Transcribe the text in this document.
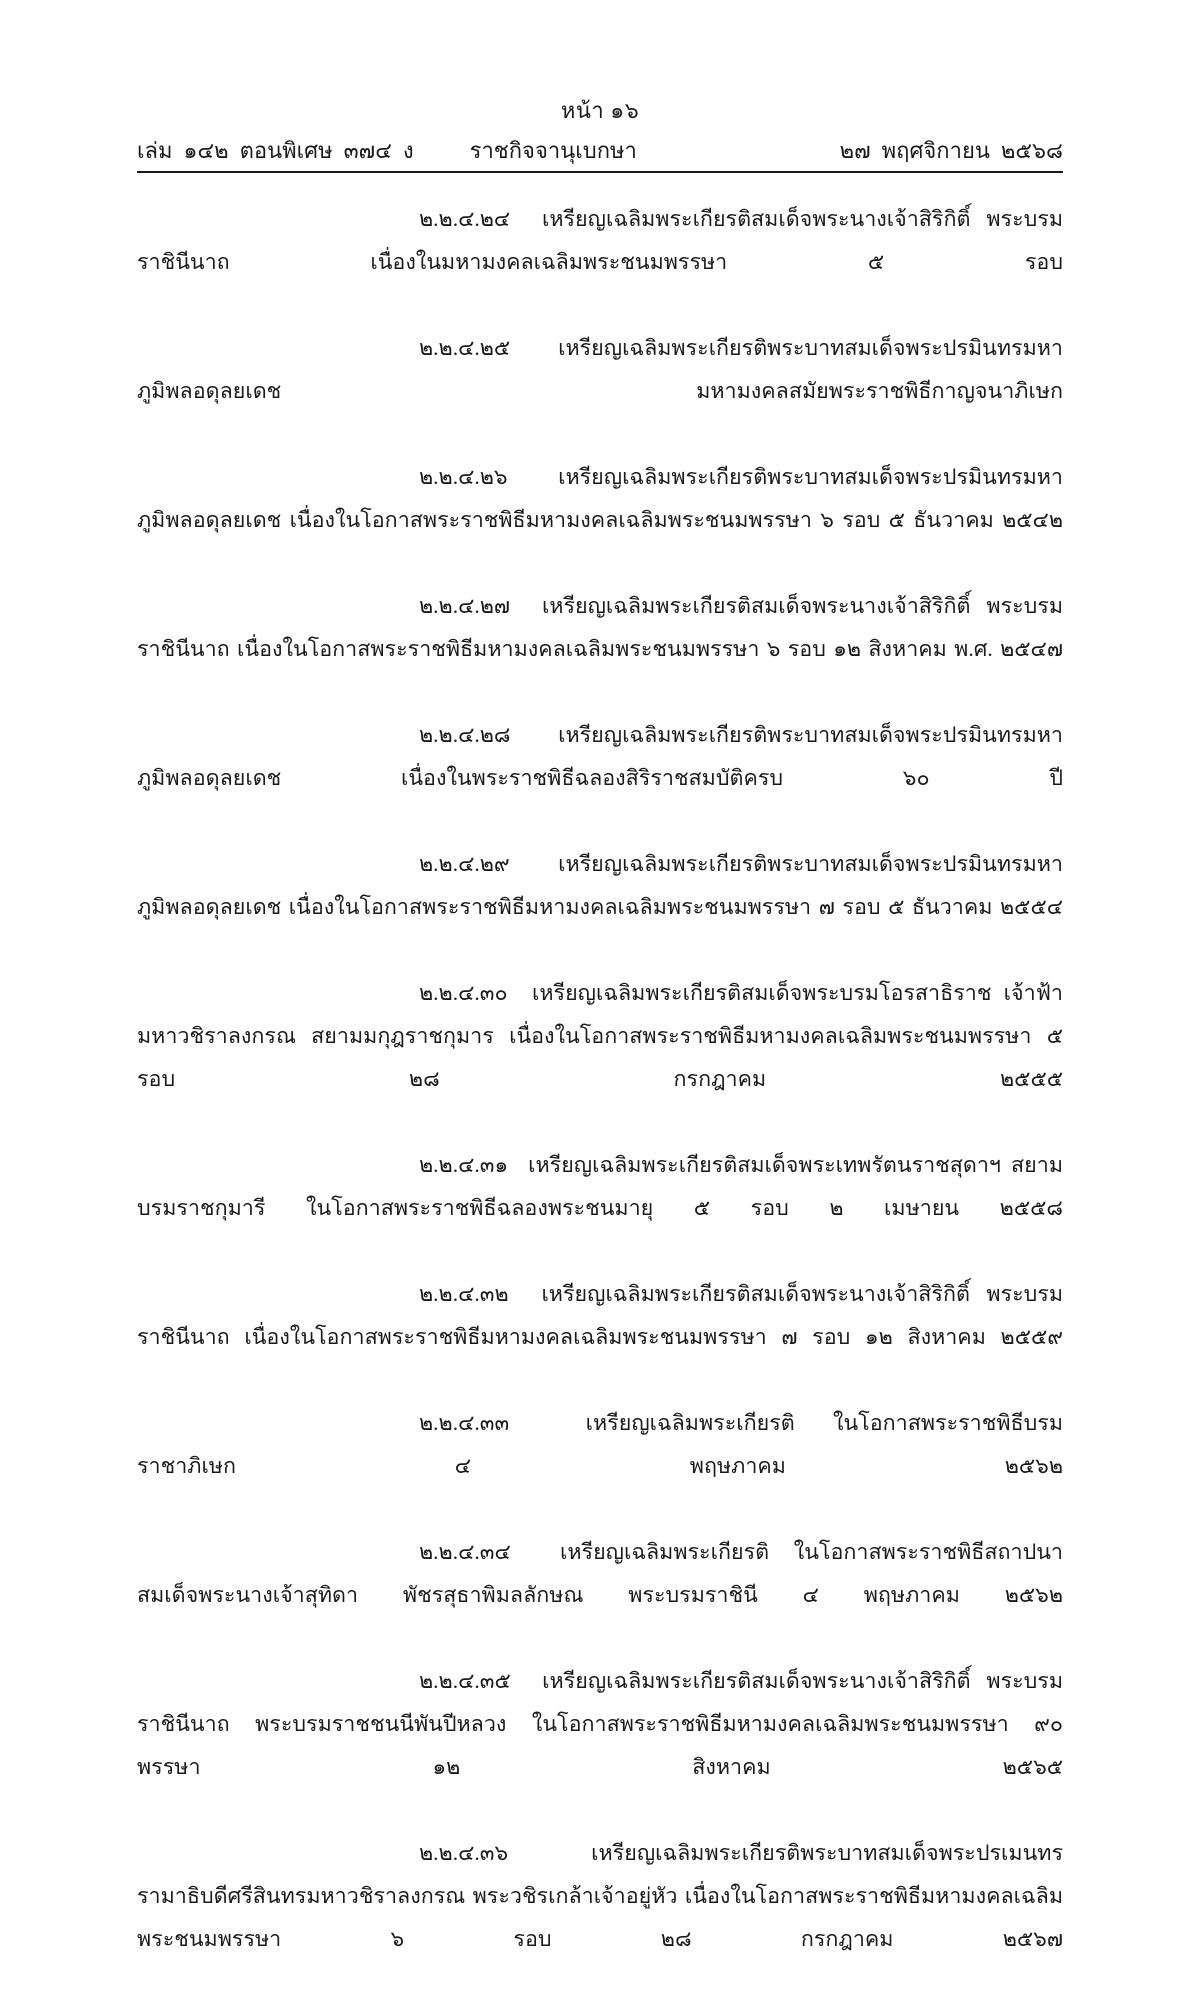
หน้า ๑๖
เล่ม  ๑๔๒  ตอนพิเศษ  ๓๗๔  ง	ราชกิจจานุเบกษา	๒๗  พฤศจิกายน  ๒๕๖๘

๒.๒.๔.๒๔  เหรียญเฉลิมพระเกียรติสมเด็จพระนางเจ้าสิริกิติ์ พระบรมราชินีนาถ เนื่องในมหามงคลเฉลิมพระชนมพรรษา ๕ รอบ

๒.๒.๔.๒๕  เหรียญเฉลิมพระเกียรติพระบาทสมเด็จพระปรมินทรมหาภูมิพลอดุลยเดช มหามงคลสมัยพระราชพิธีกาญจนาภิเษก

๒.๒.๔.๒๖  เหรียญเฉลิมพระเกียรติพระบาทสมเด็จพระปรมินทรมหาภูมิพลอดุลยเดช เนื่องในโอกาสพระราชพิธีมหามงคลเฉลิมพระชนมพรรษา ๖ รอบ ๕ ธันวาคม ๒๕๔๒

๒.๒.๔.๒๗  เหรียญเฉลิมพระเกียรติสมเด็จพระนางเจ้าสิริกิติ์ พระบรมราชินีนาถ เนื่องในโอกาสพระราชพิธีมหามงคลเฉลิมพระชนมพรรษา ๖ รอบ ๑๒ สิงหาคม พ.ศ. ๒๕๔๗

๒.๒.๔.๒๘  เหรียญเฉลิมพระเกียรติพระบาทสมเด็จพระปรมินทรมหาภูมิพลอดุลยเดช เนื่องในพระราชพิธีฉลองสิริราชสมบัติครบ ๖๐ ปี

๒.๒.๔.๒๙  เหรียญเฉลิมพระเกียรติพระบาทสมเด็จพระปรมินทรมหาภูมิพลอดุลยเดช เนื่องในโอกาสพระราชพิธีมหามงคลเฉลิมพระชนมพรรษา ๗ รอบ ๕ ธันวาคม ๒๕๕๔

๒.๒.๔.๓๐  เหรียญเฉลิมพระเกียรติสมเด็จพระบรมโอรสาธิราช เจ้าฟ้ามหาวชิราลงกรณ สยามมกุฎราชกุมาร เนื่องในโอกาสพระราชพิธีมหามงคลเฉลิมพระชนมพรรษา ๕ รอบ ๒๘ กรกฎาคม ๒๕๕๕

๒.๒.๔.๓๑  เหรียญเฉลิมพระเกียรติสมเด็จพระเทพรัตนราชสุดาฯ สยามบรมราชกุมารี ในโอกาสพระราชพิธีฉลองพระชนมายุ ๕ รอบ ๒ เมษายน ๒๕๕๘

๒.๒.๔.๓๒  เหรียญเฉลิมพระเกียรติสมเด็จพระนางเจ้าสิริกิติ์ พระบรมราชินีนาถ เนื่องในโอกาสพระราชพิธีมหามงคลเฉลิมพระชนมพรรษา ๗ รอบ ๑๒ สิงหาคม ๒๕๕๙

๒.๒.๔.๓๓  เหรียญเฉลิมพระเกียรติ ในโอกาสพระราชพิธีบรมราชาภิเษก ๔ พฤษภาคม ๒๕๖๒

๒.๒.๔.๓๔  เหรียญเฉลิมพระเกียรติ ในโอกาสพระราชพิธีสถาปนา สมเด็จพระนางเจ้าสุทิดา พัชรสุธาพิมลลักษณ พระบรมราชินี ๔ พฤษภาคม ๒๕๖๒

๒.๒.๔.๓๕  เหรียญเฉลิมพระเกียรติสมเด็จพระนางเจ้าสิริกิติ์ พระบรมราชินีนาถ พระบรมราชชนนีพันปีหลวง ในโอกาสพระราชพิธีมหามงคลเฉลิมพระชนมพรรษา ๙๐ พรรษา ๑๒ สิงหาคม ๒๕๖๕

๒.๒.๔.๓๖  เหรียญเฉลิมพระเกียรติพระบาทสมเด็จพระปรเมนทรรามาธิบดีศรีสินทรมหาวชิราลงกรณ พระวชิรเกล้าเจ้าอยู่หัว เนื่องในโอกาสพระราชพิธีมหามงคลเฉลิมพระชนมพรรษา ๖ รอบ ๒๘ กรกฎาคม ๒๕๖๗
